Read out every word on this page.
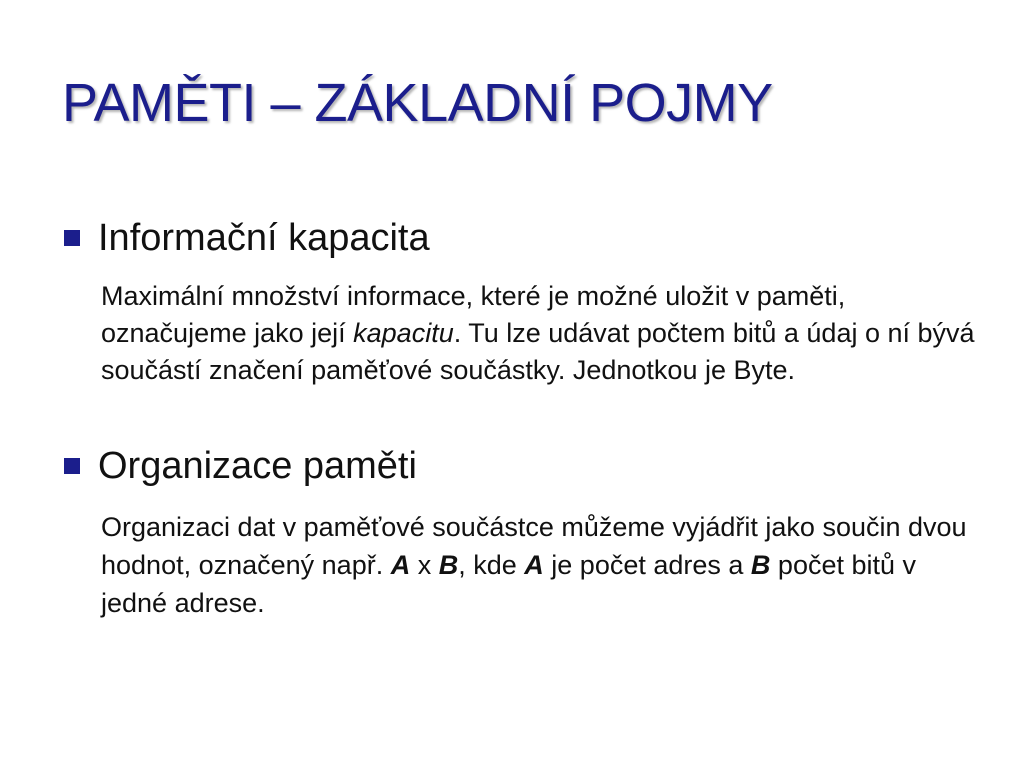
PAMĚTI – ZÁKLADNÍ POJMY
Informační kapacita

Maximální množství informace, které je možné uložit v paměti, označujeme jako její kapacitu. Tu lze udávat počtem bitů a údaj o ní bývá součástí značení paměťové součástky. Jednotkou je Byte.

Organizace paměti

Organizaci dat v paměťové součástce můžeme vyjádřit jako součin dvou hodnot, označený např. A x B, kde A je počet adres a B počet bitů v jedné adrese.
